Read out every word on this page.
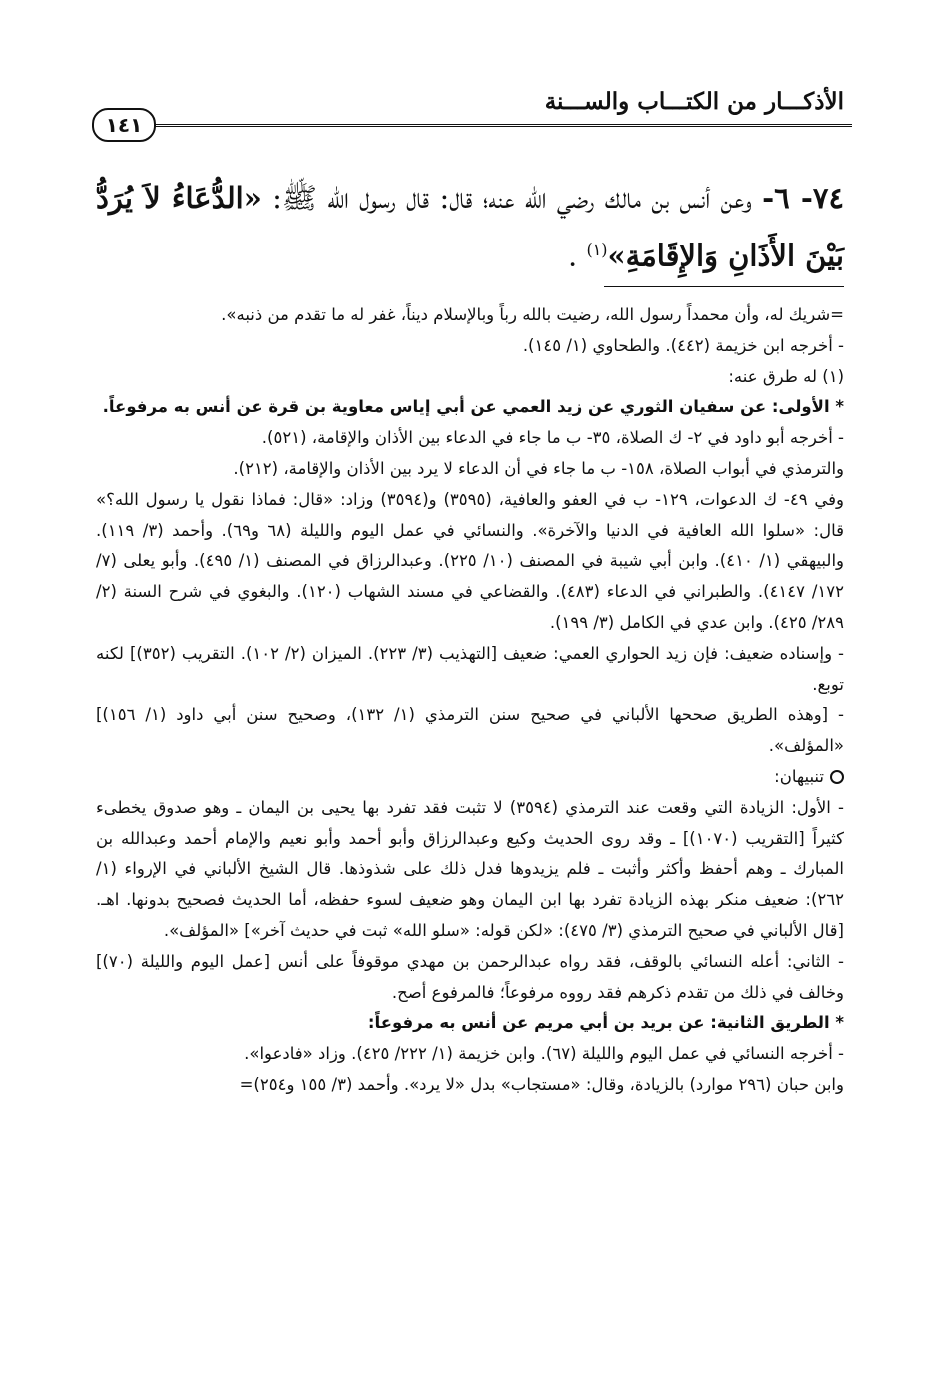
الأذكـــار من الكتـــاب والســـنة
١٤١
٧٤- ٦- وعن أنس بن مالك رضي الله عنه؛ قال: قال رسول الله ﷺ: «الدُّعَاءُ لاَ يُرَدُّ بَيْنَ الأَذَانِ وَالإِقَامَةِ»$^{(١)}$ .

=شريك له، وأن محمداً رسول الله، رضيت بالله رباً وبالإسلام ديناً، غفر له ما تقدم من ذنبه».

- أخرجه ابن خزيمة (٤٤٢). والطحاوي (١/ ١٤٥).

(١) له طرق عنه:

* الأولى: عن سفيان الثوري عن زيد العمي عن أبي إياس معاوية بن قرة عن أنس به مرفوعاً.

- أخرجه أبو داود في ٢- ك الصلاة، ٣٥- ب ما جاء في الدعاء بين الأذان والإقامة، (٥٢١).

والترمذي في أبواب الصلاة، ١٥٨- ب ما جاء في أن الدعاء لا يرد بين الأذان والإقامة، (٢١٢).

وفي ٤٩- ك الدعوات، ١٢٩- ب في العفو والعافية، (٣٥٩٥) و(٣٥٩٤) وزاد: «قال: فماذا نقول يا رسول الله؟» قال: «سلوا الله العافية في الدنيا والآخرة». والنسائي في عمل اليوم والليلة (٦٨ و٦٩). وأحمد (٣/ ١١٩). والبيهقي (١/ ٤١٠). وابن أبي شيبة في المصنف (١٠/ ٢٢٥). وعبدالرزاق في المصنف (١/ ٤٩٥). وأبو يعلى (٧/ ١٧٢/ ٤١٤٧). والطبراني في الدعاء (٤٨٣). والقضاعي في مسند الشهاب (١٢٠). والبغوي في شرح السنة (٢/ ٢٨٩/ ٤٢٥). وابن عدي في الكامل (٣/ ١٩٩).

- وإسناده ضعيف: فإن زيد الحواري العمي: ضعيف [التهذيب (٣/ ٢٢٣). الميزان (٢/ ١٠٢). التقريب (٣٥٢)] لكنه توبع.

- [وهذه الطريق صححها الألباني في صحيح سنن الترمذي (١/ ١٣٢)، وصحيح سنن أبي داود (١/ ١٥٦)] «المؤلف».

تنبيهان:

- الأول: الزيادة التي وقعت عند الترمذي (٣٥٩٤) لا تثبت فقد تفرد بها يحيى بن اليمان ـ وهو صدوق يخطىء كثيراً [التقريب (١٠٧٠)] ـ وقد روى الحديث وكيع وعبدالرزاق وأبو أحمد وأبو نعيم والإمام أحمد وعبدالله بن المبارك ـ وهم أحفظ وأكثر وأثبت ـ فلم يزيدوها فدل ذلك على شذوذها. قال الشيخ الألباني في الإرواء (١/ ٢٦٢): ضعيف منكر بهذه الزيادة تفرد بها ابن اليمان وهو ضعيف لسوء حفظه، أما الحديث فصحيح بدونها. اهـ. [قال الألباني في صحيح الترمذي (٣/ ٤٧٥): «لكن قوله: «سلو الله» ثبت في حديث آخر»] «المؤلف».

- الثاني: أعله النسائي بالوقف، فقد رواه عبدالرحمن بن مهدي موقوفاً على أنس [عمل اليوم والليلة (٧٠)] وخالف في ذلك من تقدم ذكرهم فقد رووه مرفوعاً؛ فالمرفوع أصح.

* الطريق الثانية: عن بريد بن أبي مريم عن أنس به مرفوعاً:

- أخرجه النسائي في عمل اليوم والليلة (٦٧). وابن خزيمة (١/ ٢٢٢/ ٤٢٥). وزاد «فادعوا».

وابن حبان (٢٩٦ موارد) بالزيادة، وقال: «مستجاب» بدل «لا يرد». وأحمد (٣/ ١٥٥ و٢٥٤)=
